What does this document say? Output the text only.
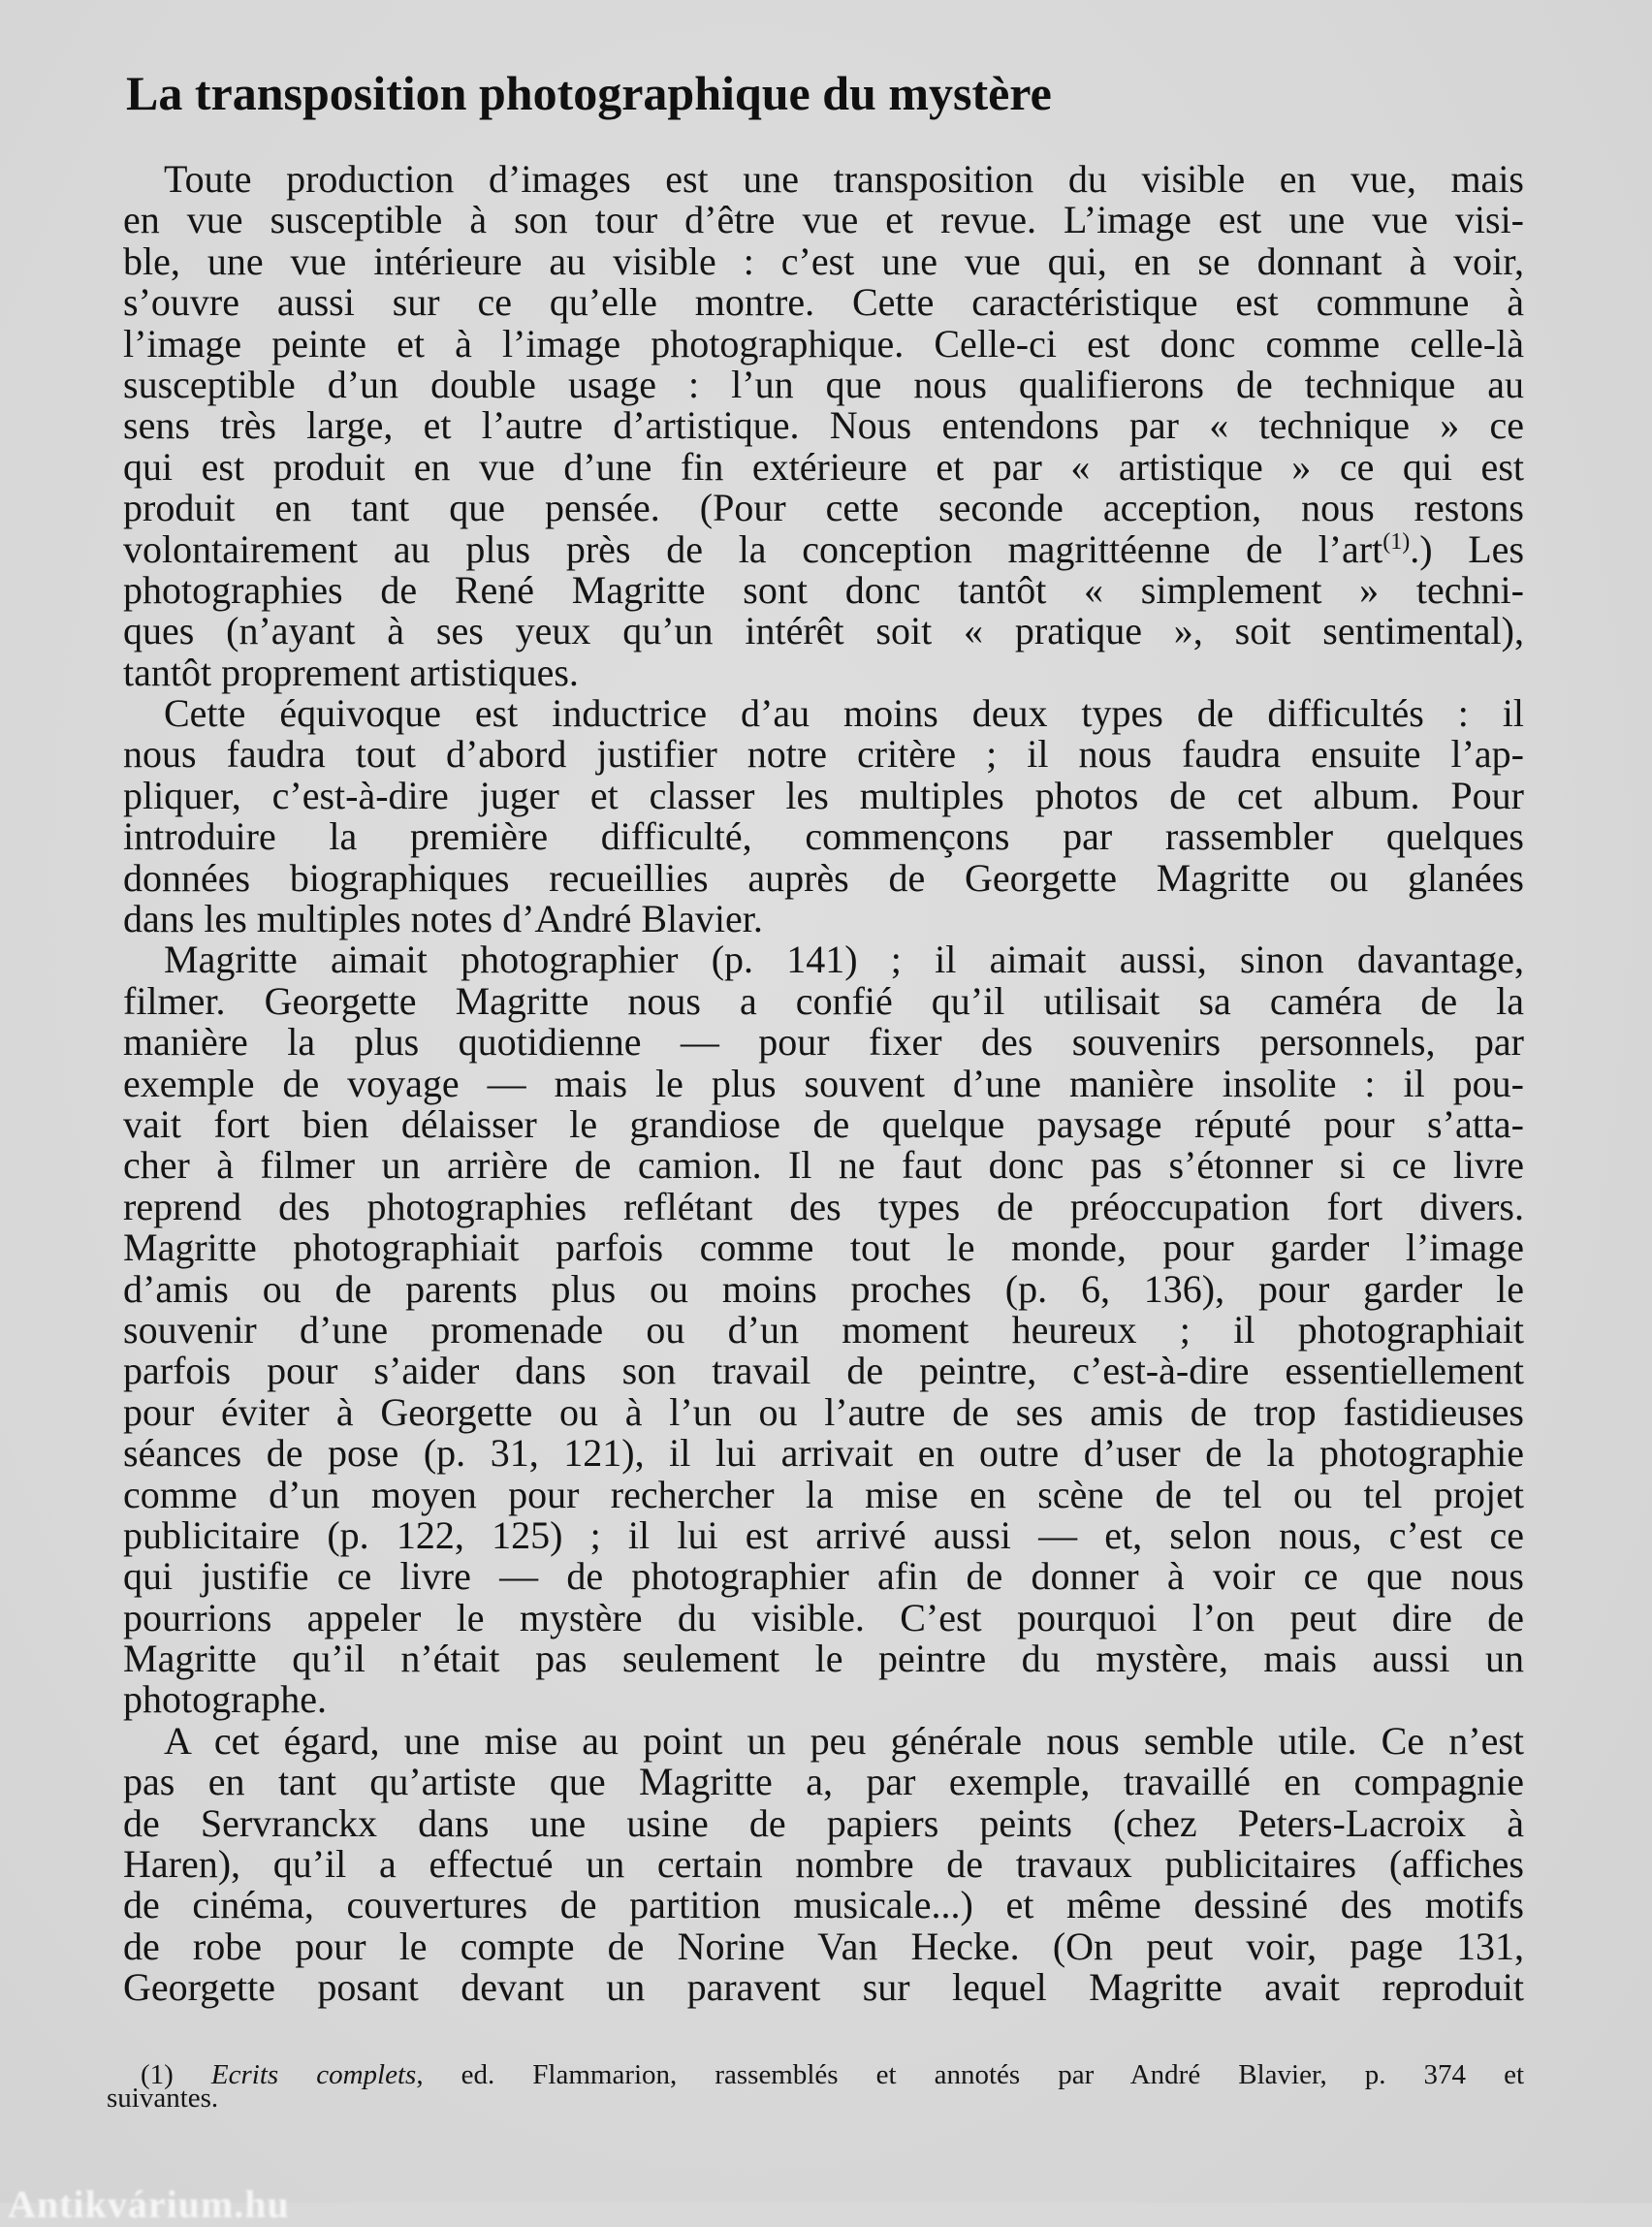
La transposition photographique du mystère
Toute production d’images est une transposition du visible en vue, mais
en vue susceptible à son tour d’être vue et revue. L’image est une vue visi-
ble, une vue intérieure au visible : c’est une vue qui, en se donnant à voir,
s’ouvre aussi sur ce qu’elle montre. Cette caractéristique est commune à
l’image peinte et à l’image photographique. Celle-ci est donc comme celle-là
susceptible d’un double usage : l’un que nous qualifierons de technique au
sens très large, et l’autre d’artistique. Nous entendons par « technique » ce
qui est produit en vue d’une fin extérieure et par « artistique » ce qui est
produit en tant que pensée. (Pour cette seconde acception, nous restons
volontairement au plus près de la conception magrittéenne de l’art$^{(1)}$.) Les
photographies de René Magritte sont donc tantôt « simplement » techni-
ques (n’ayant à ses yeux qu’un intérêt soit « pratique », soit sentimental),
tantôt proprement artistiques.
Cette équivoque est inductrice d’au moins deux types de difficultés : il
nous faudra tout d’abord justifier notre critère ; il nous faudra ensuite l’ap-
pliquer, c’est-à-dire juger et classer les multiples photos de cet album. Pour
introduire la première difficulté, commençons par rassembler quelques
données biographiques recueillies auprès de Georgette Magritte ou glanées
dans les multiples notes d’André Blavier.
Magritte aimait photographier (p. 141) ; il aimait aussi, sinon davantage,
filmer. Georgette Magritte nous a confié qu’il utilisait sa caméra de la
manière la plus quotidienne — pour fixer des souvenirs personnels, par
exemple de voyage — mais le plus souvent d’une manière insolite : il pou-
vait fort bien délaisser le grandiose de quelque paysage réputé pour s’atta-
cher à filmer un arrière de camion. Il ne faut donc pas s’étonner si ce livre
reprend des photographies reflétant des types de préoccupation fort divers.
Magritte photographiait parfois comme tout le monde, pour garder l’image
d’amis ou de parents plus ou moins proches (p. 6, 136), pour garder le
souvenir d’une promenade ou d’un moment heureux ; il photographiait
parfois pour s’aider dans son travail de peintre, c’est-à-dire essentiellement
pour éviter à Georgette ou à l’un ou l’autre de ses amis de trop fastidieuses
séances de pose (p. 31, 121), il lui arrivait en outre d’user de la photographie
comme d’un moyen pour rechercher la mise en scène de tel ou tel projet
publicitaire (p. 122, 125) ; il lui est arrivé aussi — et, selon nous, c’est ce
qui justifie ce livre — de photographier afin de donner à voir ce que nous
pourrions appeler le mystère du visible. C’est pourquoi l’on peut dire de
Magritte qu’il n’était pas seulement le peintre du mystère, mais aussi un
photographe.
A cet égard, une mise au point un peu générale nous semble utile. Ce n’est
pas en tant qu’artiste que Magritte a, par exemple, travaillé en compagnie
de Servranckx dans une usine de papiers peints (chez Peters-Lacroix à
Haren), qu’il a effectué un certain nombre de travaux publicitaires (affiches
de cinéma, couvertures de partition musicale...) et même dessiné des motifs
de robe pour le compte de Norine Van Hecke. (On peut voir, page 131,
Georgette posant devant un paravent sur lequel Magritte avait reproduit
(1) Ecrits complets, ed. Flammarion, rassemblés et annotés par André Blavier, p. 374 et
suivantes.
Antikvárium.hu
